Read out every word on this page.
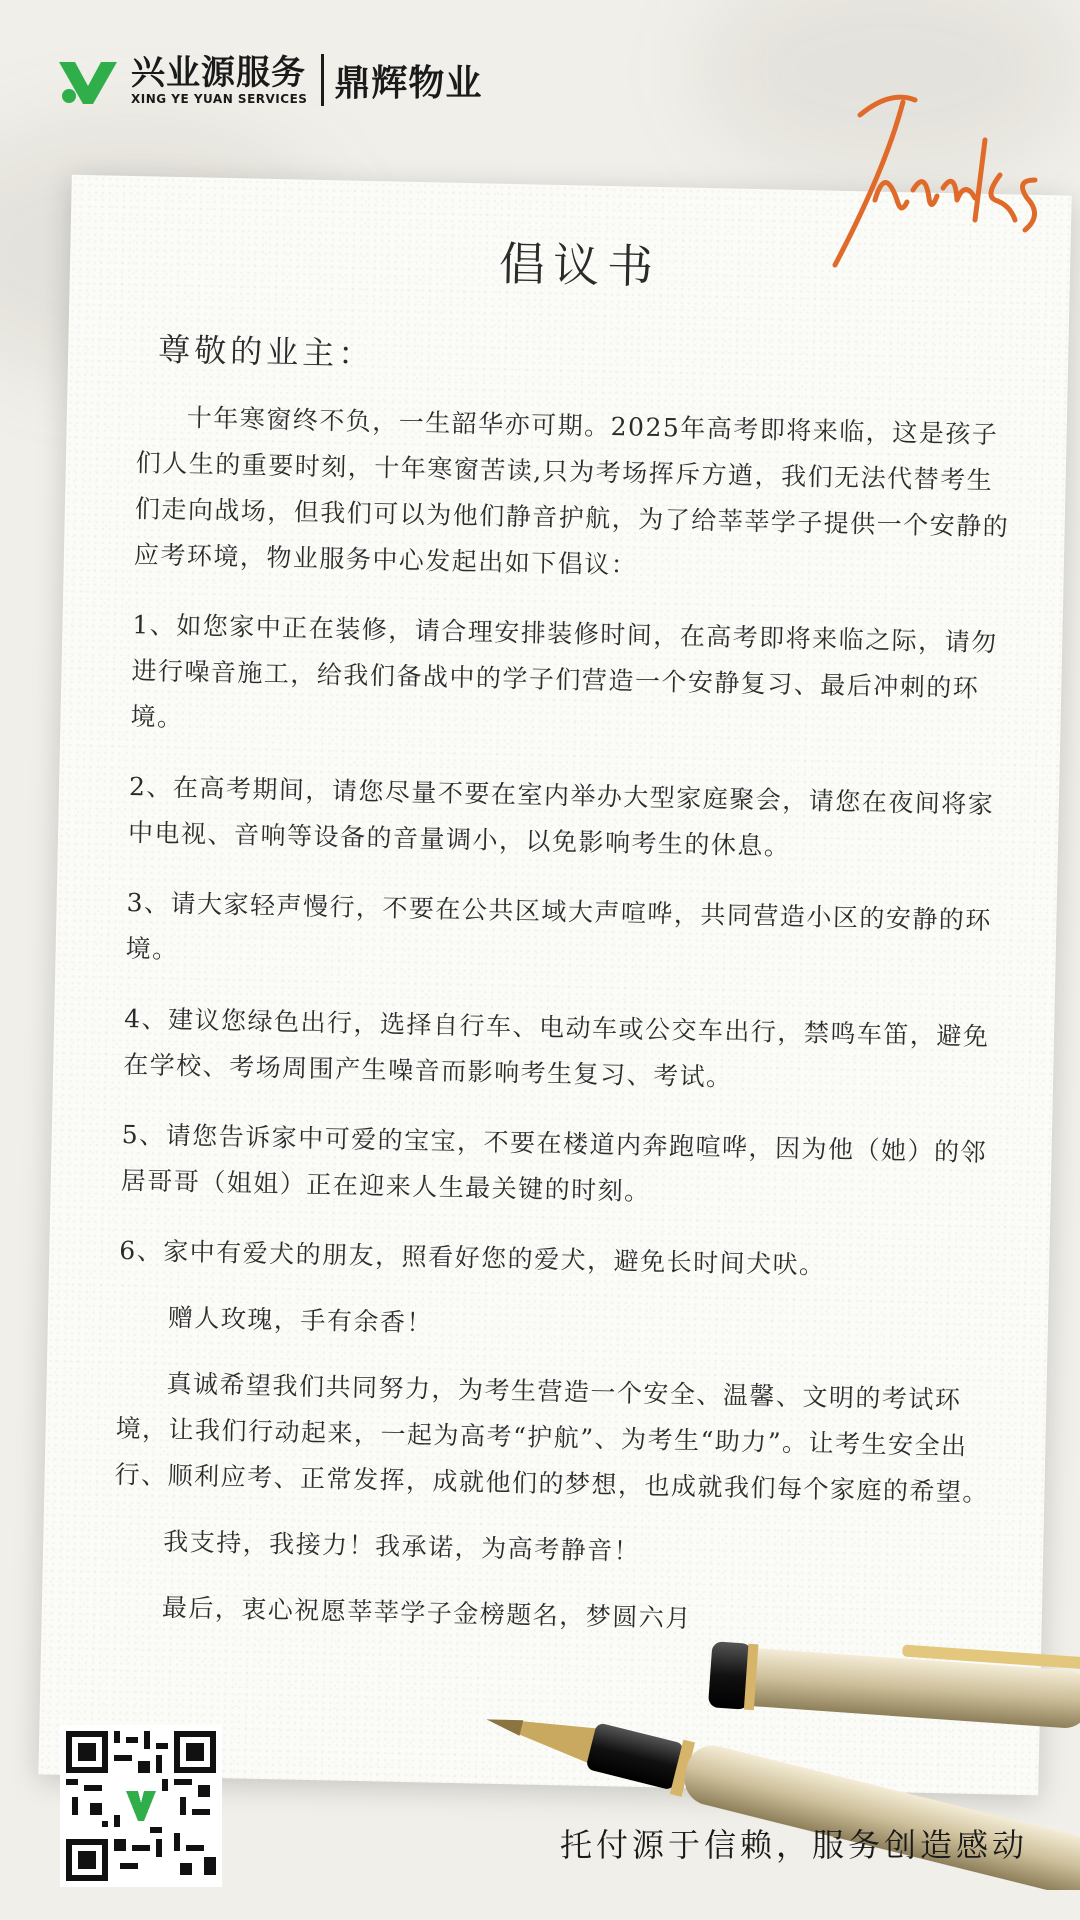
兴业源服务
XING YE YUAN SERVICES 鼎辉物业
倡议书
尊敬的业主：

十年寒窗终不负，一生韶华亦可期。2025年高考即将来临，这是孩子们人生的重要时刻，十年寒窗苦读,只为考场挥斥方遒，我们无法代替考生们走向战场，但我们可以为他们静音护航，为了给莘莘学子提供一个安静的应考环境，物业服务中心发起出如下倡议：

1、如您家中正在装修，请合理安排装修时间，在高考即将来临之际，请勿进行噪音施工，给我们备战中的学子们营造一个安静复习、最后冲刺的环境。

2、在高考期间，请您尽量不要在室内举办大型家庭聚会，请您在夜间将家中电视、音响等设备的音量调小，以免影响考生的休息。

3、请大家轻声慢行，不要在公共区域大声喧哗，共同营造小区的安静的环境。

4、建议您绿色出行，选择自行车、电动车或公交车出行，禁鸣车笛，避免在学校、考场周围产生噪音而影响考生复习、考试。

5、请您告诉家中可爱的宝宝，不要在楼道内奔跑喧哗，因为他（她）的邻居哥哥（姐姐）正在迎来人生最关键的时刻。

6、家中有爱犬的朋友，照看好您的爱犬，避免长时间犬吠。

赠人玫瑰，手有余香！

真诚希望我们共同努力，为考生营造一个安全、温馨、文明的考试环境，让我们行动起来，一起为高考“护航”、为考生“助力”。让考生安全出行、顺利应考、正常发挥，成就他们的梦想，也成就我们每个家庭的希望。

我支持，我接力！我承诺，为高考静音！

最后，衷心祝愿莘莘学子金榜题名，梦圆六月

托付源于信赖，服务创造感动
